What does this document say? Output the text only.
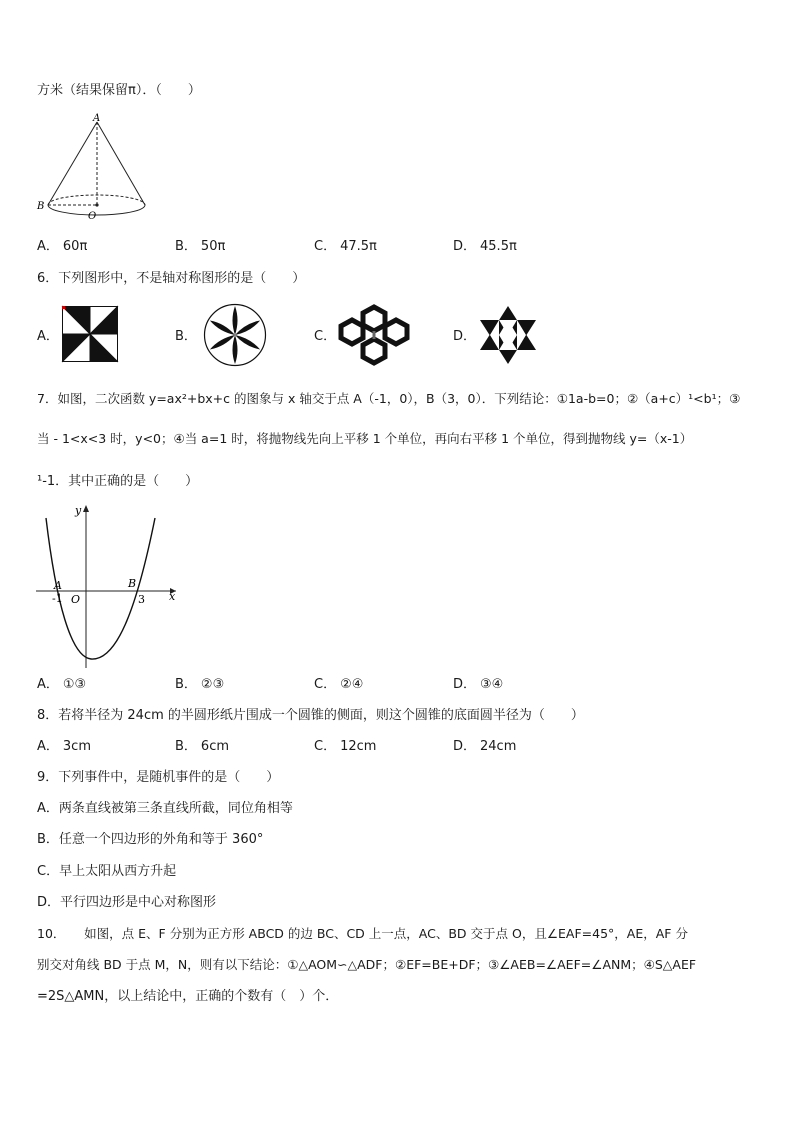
方米（结果保留π）．（　　）
A
B
O
A． 60π	B． 50π	C． 47.5π	D． 45.5π
6．下列图形中，不是轴对称图形的是（　　）
A．	B．	C．	D．
7．如图，二次函数 y=ax²+bx+c 的图象与 x 轴交于点 A（-1，0），B（3，0）．下列结论：①1a-b=0；②（a+c）¹<b¹；③
当 - 1<x<3 时，y<0；④当 a=1 时，将抛物线先向上平移 1 个单位，再向右平移 1 个单位，得到抛物线 y=（x-1）
¹-1．其中正确的是（　　）
y
x
A	B
-1 O	3
A． ①③	B． ②③	C． ②④	D． ③④
8．若将半径为 24cm 的半圆形纸片围成一个圆锥的侧面，则这个圆锥的底面圆半径为（　　）
A． 3cm	B． 6cm	C． 12cm	D． 24cm
9．下列事件中，是随机事件的是（　　）
A．两条直线被第三条直线所截，同位角相等
B．任意一个四边形的外角和等于 360°
C．早上太阳从西方升起
D．平行四边形是中心对称图形
10．　　如图，点 E、F 分别为正方形 ABCD 的边 BC、CD 上一点，AC、BD 交于点 O，且∠EAF=45°，AE，AF 分
别交对角线 BD 于点 M，N，则有以下结论：①△AOM∽△ADF；②EF=BE+DF；③∠AEB=∠AEF=∠ANM；④S△AEF
=2S△AMN，以上结论中，正确的个数有（　）个．
